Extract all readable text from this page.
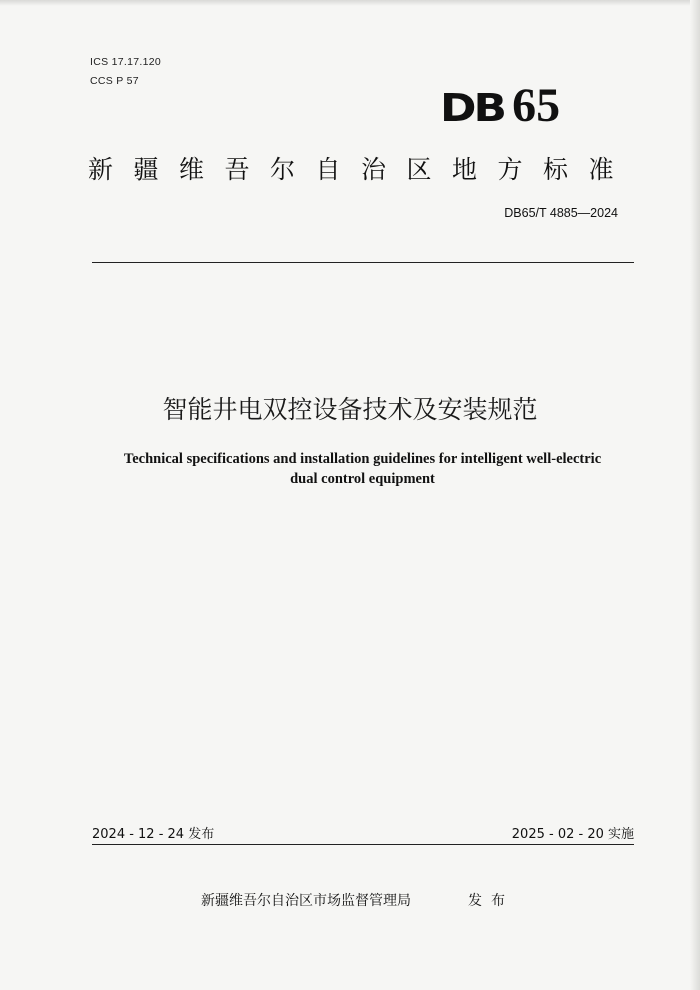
ICS 17.17.120
CCS P 57
DB 65
新疆维吾尔自治区地方标准
DB65/T 4885—2024
智能井电双控设备技术及安装规范
Technical specifications and installation guidelines for intelligent well-electric
dual control equipment
2024 - 12 - 24 发布	2025 - 02 - 20 实施
新疆维吾尔自治区市场监督管理局	发布
